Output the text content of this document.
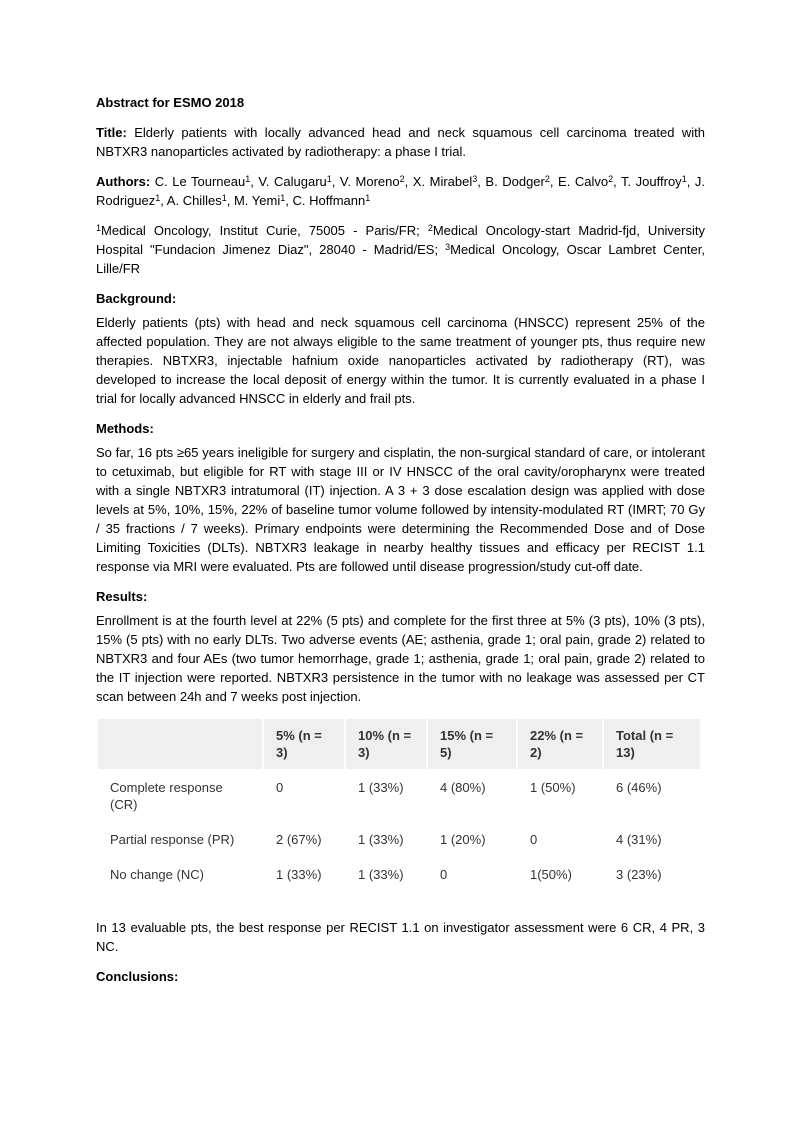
Abstract for ESMO 2018

Title: Elderly patients with locally advanced head and neck squamous cell carcinoma treated with NBTXR3 nanoparticles activated by radiotherapy: a phase I trial.

Authors: C. Le Tourneau$^1$, V. Calugaru$^1$, V. Moreno$^2$, X. Mirabel$^3$, B. Dodger$^2$, E. Calvo$^2$, T. Jouffroy$^1$, J. Rodriguez$^1$, A. Chilles$^1$, M. Yemi$^1$, C. Hoffmann$^1$

$^1$Medical Oncology, Institut Curie, 75005 - Paris/FR; $^2$Medical Oncology-start Madrid-fjd, University Hospital "Fundacion Jimenez Diaz", 28040 - Madrid/ES; $^3$Medical Oncology, Oscar Lambret Center, Lille/FR

Background:

Elderly patients (pts) with head and neck squamous cell carcinoma (HNSCC) represent 25% of the affected population. They are not always eligible to the same treatment of younger pts, thus require new therapies. NBTXR3, injectable hafnium oxide nanoparticles activated by radiotherapy (RT), was developed to increase the local deposit of energy within the tumor. It is currently evaluated in a phase I trial for locally advanced HNSCC in elderly and frail pts.

Methods:

So far, 16 pts ≥65 years ineligible for surgery and cisplatin, the non-surgical standard of care, or intolerant to cetuximab, but eligible for RT with stage III or IV HNSCC of the oral cavity/oropharynx were treated with a single NBTXR3 intratumoral (IT) injection. A 3 + 3 dose escalation design was applied with dose levels at 5%, 10%, 15%, 22% of baseline tumor volume followed by intensity-modulated RT (IMRT; 70 Gy / 35 fractions / 7 weeks). Primary endpoints were determining the Recommended Dose and of Dose Limiting Toxicities (DLTs). NBTXR3 leakage in nearby healthy tissues and efficacy per RECIST 1.1 response via MRI were evaluated. Pts are followed until disease progression/study cut-off date.

Results:

Enrollment is at the fourth level at 22% (5 pts) and complete for the first three at 5% (3 pts), 10% (3 pts), 15% (5 pts) with no early DLTs. Two adverse events (AE; asthenia, grade 1; oral pain, grade 2) related to NBTXR3 and four AEs (two tumor hemorrhage, grade 1; asthenia, grade 1; oral pain, grade 2) related to the IT injection were reported. NBTXR3 persistence in the tumor with no leakage was assessed per CT scan between 24h and 7 weeks post injection.

	5% (n = 3)	10% (n = 3)	15% (n = 5)	22% (n = 2)	Total (n = 13)
Complete response (CR)	0	1 (33%)	4 (80%)	1 (50%)	6 (46%)
Partial response (PR)	2 (67%)	1 (33%)	1 (20%)	0	4 (31%)
No change (NC)	1 (33%)	1 (33%)	0	1(50%)	3 (23%)

In 13 evaluable pts, the best response per RECIST 1.1 on investigator assessment were 6 CR, 4 PR, 3 NC.

Conclusions:
